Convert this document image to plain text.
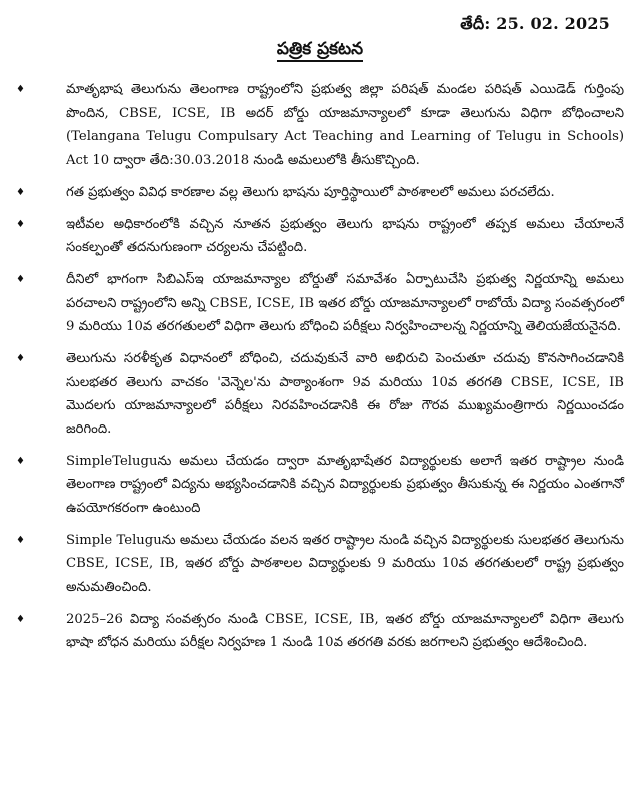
తేదీ: 25. 02. 2025
పత్రిక ప్రకటన
♦ మాతృభాష తెలుగును తెలంగాణ రాష్ట్రంలోని ప్రభుత్వ జిల్లా పరిషత్ మండల పరిషత్ ఎయిడెడ్ గుర్తింపు పొందిన, CBSE, ICSE, IB అదర్ బోర్డు యాజమాన్యాలలో కూడా తెలుగును విధిగా బోధించాలని (Telangana Telugu Compulsary Act Teaching and Learning of Telugu in Schools) Act 10 ద్వారా తేది:30.03.2018 నుండి అమలులోకి తీసుకొచ్చింది.
♦ గత ప్రభుత్వం వివిధ కారణాల వల్ల తెలుగు భాషను పూర్తిస్థాయిలో పాఠశాలలో అమలు పరచలేదు.
♦ ఇటీవల అధికారంలోకి వచ్చిన నూతన ప్రభుత్వం తెలుగు భాషను రాష్ట్రంలో తప్పక అమలు చేయాలనే సంకల్పంతో తదనుగుణంగా చర్యలను చేపట్టింది.
♦ దీనిలో భాగంగా సిబిఎస్ఇ యాజమాన్యాల బోర్డుతో సమావేశం ఏర్పాటుచేసి ప్రభుత్వ నిర్ణయాన్ని అమలు పరచాలని రాష్ట్రంలోని అన్ని CBSE, ICSE, IB ఇతర బోర్డు యాజమాన్యాలలో రాబోయే విద్యా సంవత్సరంలో 9 మరియు 10వ తరగతులలో విధిగా తెలుగు బోధించి పరీక్షలు నిర్వహించాలన్న నిర్ణయాన్ని తెలియజేయనైనది.
♦ తెలుగును సరళీకృత విధానంలో బోధించి, చదువుకునే వారి అభిరుచి పెంచుతూ చదువు కొనసాగించడానికి సులభతర తెలుగు వాచకం 'వెన్నెల'ను పాఠ్యాంశంగా 9వ మరియు 10వ తరగతి CBSE, ICSE, IB మొదలగు యాజమాన్యాలలో పరీక్షలు నిరవహించడానికి ఈ రోజు గౌరవ ముఖ్యమంత్రిగారు నిర్ణయించడం జరిగింది.
♦ SimpleTeluguను అమలు చేయడం ద్వారా మాతృభాషేతర విద్యార్థులకు అలాగే ఇతర రాష్ట్రాల నుండి తెలంగాణ రాష్ట్రంలో విద్యను అభ్యసించడానికి వచ్చిన విద్యార్థులకు ప్రభుత్వం తీసుకున్న ఈ నిర్ణయం ఎంతగానో ఉపయోగకరంగా ఉంటుంది
♦ Simple Teluguను అమలు చేయడం వలన ఇతర రాష్ట్రాల నుండి వచ్చిన విద్యార్థులకు సులభతర తెలుగును CBSE, ICSE, IB, ఇతర బోర్డు పాఠశాలల విద్యార్థులకు 9 మరియు 10వ తరగతులలో రాష్ట్ర ప్రభుత్వం అనుమతించింది.
♦ 2025–26 విద్యా సంవత్సరం నుండి CBSE, ICSE, IB, ఇతర బోర్డు యాజమాన్యాలలో విధిగా తెలుగు భాషా బోధన మరియు పరీక్షల నిర్వహణ 1 నుండి 10వ తరగతి వరకు జరగాలని ప్రభుత్వం ఆదేశించింది.
